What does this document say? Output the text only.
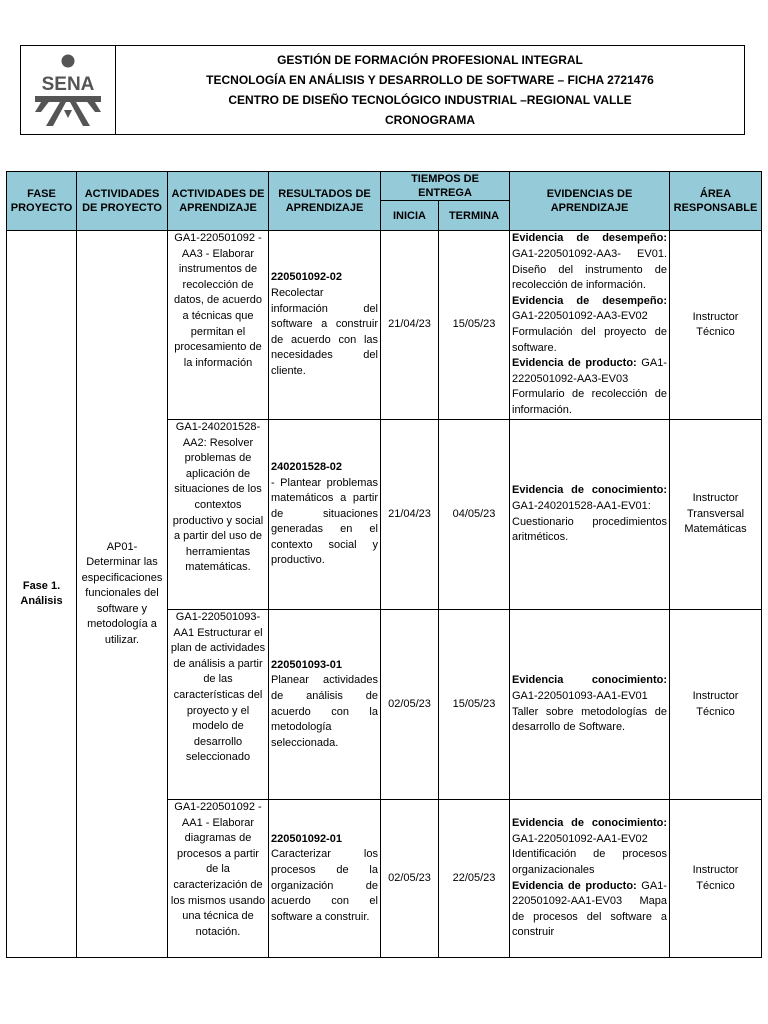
SENA
GESTIÓN DE FORMACIÓN PROFESIONAL INTEGRAL
TECNOLOGÍA EN ANÁLISIS Y DESARROLLO DE SOFTWARE – FICHA 2721476
CENTRO DE DISEÑO TECNOLÓGICO INDUSTRIAL –REGIONAL VALLE
CRONOGRAMA
FASE PROYECTO	ACTIVIDADES DE PROYECTO	ACTIVIDADES DE APRENDIZAJE	RESULTADOS DE APRENDIZAJE	TIEMPOS DE ENTREGA		EVIDENCIAS DE APRENDIZAJE	ÁREA RESPONSABLE
				INICIA	TERMINA		
Fase 1. Análisis	AP01- Determinar las especificaciones funcionales del software y metodología a utilizar.	GA1-220501092 -AA3 - Elaborar instrumentos de recolección de datos, de acuerdo a técnicas que permitan el procesamiento de la información	220501092-02
Recolectar información del software a construir de acuerdo con las necesidades del cliente.	21/04/23	15/05/23	Evidencia de desempeño: GA1-220501092-AA3- EV01. Diseño del instrumento de recolección de información.
Evidencia de desempeño: GA1-220501092-AA3-EV02 Formulación del proyecto de software.
Evidencia de producto: GA1- 2220501092-AA3-EV03 Formulario de recolección de información.	Instructor Técnico
		GA1-240201528-AA2: Resolver problemas de aplicación de situaciones de los contextos productivo y social a partir del uso de herramientas matemáticas.	240201528-02
- Plantear problemas matemáticos a partir de situaciones generadas en el contexto social y productivo.	21/04/23	04/05/23	Evidencia de conocimiento: GA1-240201528-AA1-EV01: Cuestionario procedimientos aritméticos.	Instructor Transversal Matemáticas
		GA1-220501093-AA1 Estructurar el plan de actividades de análisis a partir de las características del proyecto y el modelo de desarrollo seleccionado	220501093-01
Planear actividades de análisis de acuerdo con la metodología seleccionada.	02/05/23	15/05/23	Evidencia conocimiento: GA1-220501093-AA1-EV01 Taller sobre metodologías de desarrollo de Software.	Instructor Técnico
		GA1-220501092 - AA1 - Elaborar diagramas de procesos a partir de la caracterización de los mismos usando una técnica de notación.	220501092-01
Caracterizar los procesos de la organización de acuerdo con el software a construir.	02/05/23	22/05/23	Evidencia de conocimiento: GA1-220501092-AA1-EV02 Identificación de procesos organizacionales
Evidencia de producto: GA1-220501092-AA1-EV03 Mapa de procesos del software a construir	Instructor Técnico
